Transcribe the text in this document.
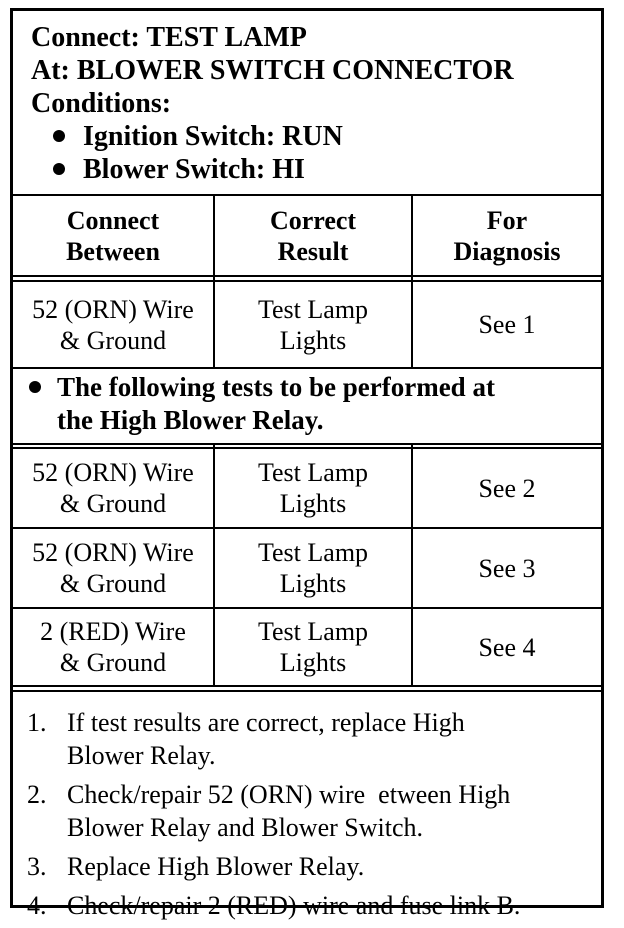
Connect: TEST LAMP
At: BLOWER SWITCH CONNECTOR
Conditions:
Ignition Switch: RUN
Blower Switch: HI
Connect
Between
Correct
Result
For
Diagnosis
52 (ORN) Wire
& Ground
Test Lamp
Lights
See 1
The following tests to be performed at
the High Blower Relay.
52 (ORN) Wire
& Ground
Test Lamp
Lights
See 2
52 (ORN) Wire
& Ground
Test Lamp
Lights
See 3
2 (RED) Wire
& Ground
Test Lamp
Lights
See 4
1. If test results are correct, replace High
Blower Relay.
2. Check/repair 52 (ORN) wire  etween High
Blower Relay and Blower Switch.
3. Replace High Blower Relay.
4. Check/repair 2 (RED) wire and fuse link B.
